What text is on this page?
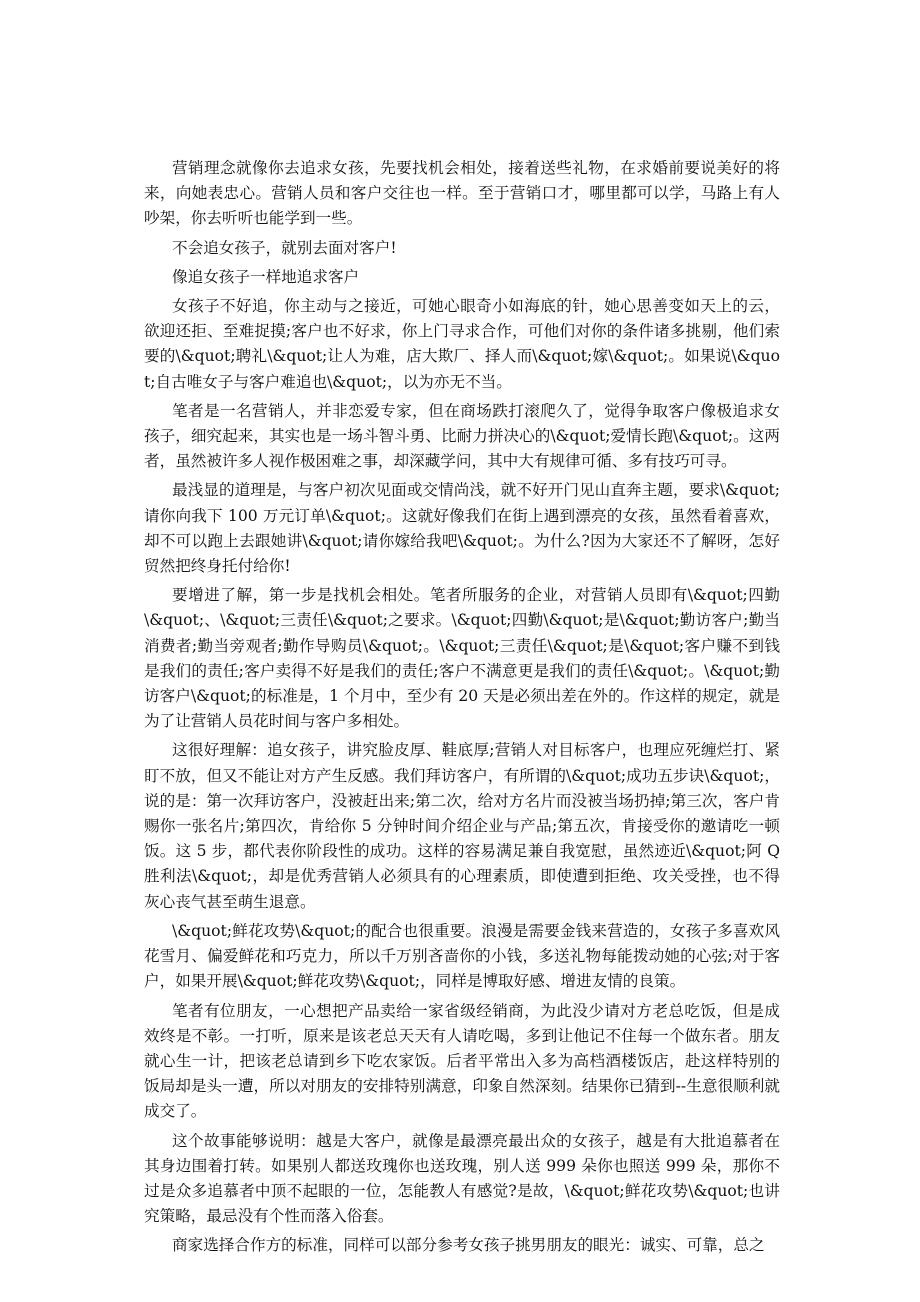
营销理念就像你去追求女孩，先要找机会相处，接着送些礼物，在求婚前要说美好的将来，向她表忠心。营销人员和客户交往也一样。至于营销口才，哪里都可以学，马路上有人吵架，你去听听也能学到一些。

不会追女孩子，就别去面对客户!

像追女孩子一样地追求客户

女孩子不好追，你主动与之接近，可她心眼奇小如海底的针，她心思善变如天上的云，欲迎还拒、至难捉摸;客户也不好求，你上门寻求合作，可他们对你的条件诸多挑剔，他们索要的\&quot;聘礼\&quot;让人为难，店大欺厂、择人而\&quot;嫁\&quot;。如果说\&quot;自古唯女子与客户难追也\&quot;，以为亦无不当。

笔者是一名营销人，并非恋爱专家，但在商场跌打滚爬久了，觉得争取客户像极追求女孩子，细究起来，其实也是一场斗智斗勇、比耐力拼决心的\&quot;爱情长跑\&quot;。这两者，虽然被许多人视作极困难之事，却深藏学问，其中大有规律可循、多有技巧可寻。

最浅显的道理是，与客户初次见面或交情尚浅，就不好开门见山直奔主题，要求\&quot;请你向我下 100 万元订单\&quot;。这就好像我们在街上遇到漂亮的女孩，虽然看着喜欢，却不可以跑上去跟她讲\&quot;请你嫁给我吧\&quot;。为什么?因为大家还不了解呀，怎好贸然把终身托付给你!

要增进了解，第一步是找机会相处。笔者所服务的企业，对营销人员即有\&quot;四勤\&quot;、\&quot;三责任\&quot;之要求。\&quot;四勤\&quot;是\&quot;勤访客户;勤当消费者;勤当旁观者;勤作导购员\&quot;。\&quot;三责任\&quot;是\&quot;客户赚不到钱是我们的责任;客户卖得不好是我们的责任;客户不满意更是我们的责任\&quot;。\&quot;勤访客户\&quot;的标准是，1 个月中，至少有 20 天是必须出差在外的。作这样的规定，就是为了让营销人员花时间与客户多相处。

这很好理解：追女孩子，讲究脸皮厚、鞋底厚;营销人对目标客户，也理应死缠烂打、紧盯不放，但又不能让对方产生反感。我们拜访客户，有所谓的\&quot;成功五步诀\&quot;，说的是：第一次拜访客户，没被赶出来;第二次，给对方名片而没被当场扔掉;第三次，客户肯赐你一张名片;第四次，肯给你 5 分钟时间介绍企业与产品;第五次，肯接受你的邀请吃一顿饭。这 5 步，都代表你阶段性的成功。这样的容易满足兼自我宽慰，虽然迹近\&quot;阿 Q 胜利法\&quot;，却是优秀营销人必须具有的心理素质，即使遭到拒绝、攻关受挫，也不得灰心丧气甚至萌生退意。

\&quot;鲜花攻势\&quot;的配合也很重要。浪漫是需要金钱来营造的，女孩子多喜欢风花雪月、偏爱鲜花和巧克力，所以千万别吝啬你的小钱，多送礼物每能拨动她的心弦;对于客户，如果开展\&quot;鲜花攻势\&quot;，同样是博取好感、增进友情的良策。

笔者有位朋友，一心想把产品卖给一家省级经销商，为此没少请对方老总吃饭，但是成效终是不彰。一打听，原来是该老总天天有人请吃喝，多到让他记不住每一个做东者。朋友就心生一计，把该老总请到乡下吃农家饭。后者平常出入多为高档酒楼饭店，赴这样特别的饭局却是头一遭，所以对朋友的安排特别满意，印象自然深刻。结果你已猜到--生意很顺利就成交了。

这个故事能够说明：越是大客户，就像是最漂亮最出众的女孩子，越是有大批追慕者在其身边围着打转。如果别人都送玫瑰你也送玫瑰，别人送 999 朵你也照送 999 朵，那你不过是众多追慕者中顶不起眼的一位，怎能教人有感觉?是故，\&quot;鲜花攻势\&quot;也讲究策略，最忌没有个性而落入俗套。

商家选择合作方的标准，同样可以部分参考女孩子挑男朋友的眼光：诚实、可靠，总之
